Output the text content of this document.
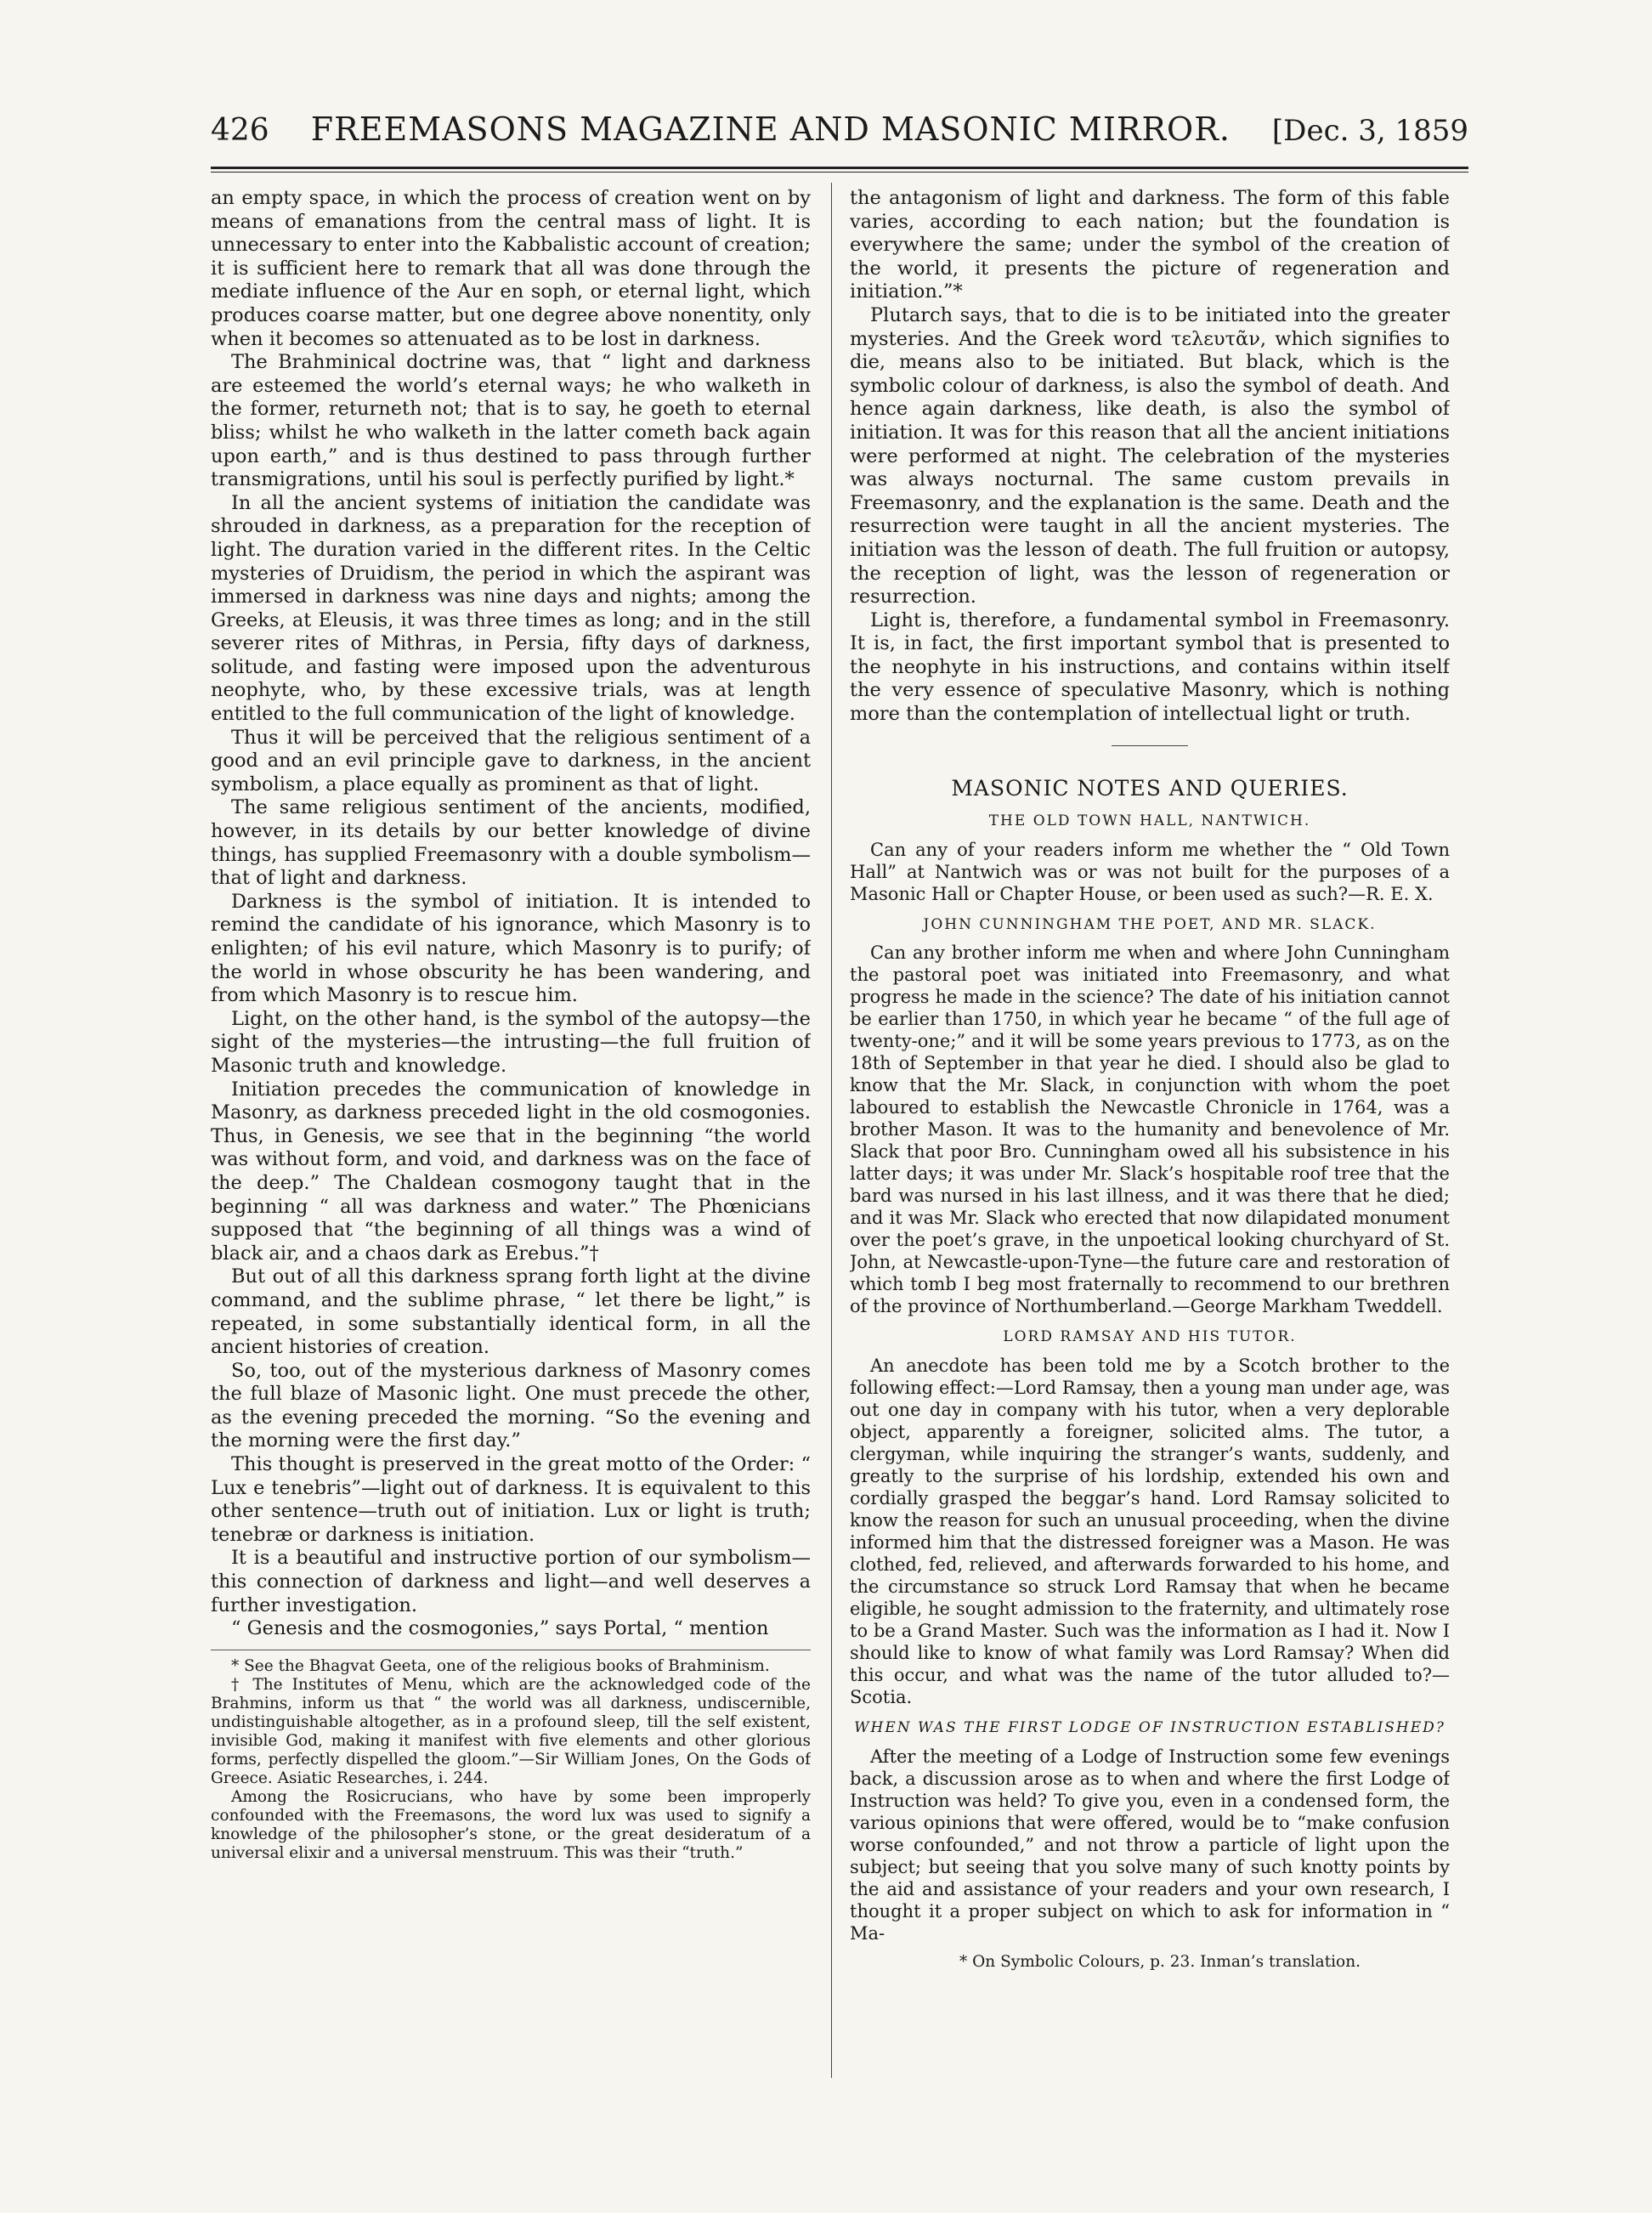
426 FREEMASONS MAGAZINE AND MASONIC MIRROR. [Dec. 3, 1859

an empty space, in which the process of creation went on by means of emanations from the central mass of light. It is unnecessary to enter into the Kabbalistic account of creation; it is sufficient here to remark that all was done through the mediate influence of the Aur en soph, or eternal light, which produces coarse matter, but one degree above nonentity, only when it becomes so attenuated as to be lost in darkness.

The Brahminical doctrine was, that “ light and darkness are esteemed the world’s eternal ways; he who walketh in the former, returneth not; that is to say, he goeth to eternal bliss; whilst he who walketh in the latter cometh back again upon earth,” and is thus destined to pass through further transmigrations, until his soul is perfectly purified by light.*

In all the ancient systems of initiation the candidate was shrouded in darkness, as a preparation for the reception of light. The duration varied in the different rites. In the Celtic mysteries of Druidism, the period in which the aspirant was immersed in darkness was nine days and nights; among the Greeks, at Eleusis, it was three times as long; and in the still severer rites of Mithras, in Persia, fifty days of darkness, solitude, and fasting were imposed upon the adventurous neophyte, who, by these excessive trials, was at length entitled to the full communication of the light of knowledge.

Thus it will be perceived that the religious sentiment of a good and an evil principle gave to darkness, in the ancient symbolism, a place equally as prominent as that of light.

The same religious sentiment of the ancients, modified, however, in its details by our better knowledge of divine things, has supplied Freemasonry with a double symbolism—that of light and darkness.

Darkness is the symbol of initiation. It is intended to remind the candidate of his ignorance, which Masonry is to enlighten; of his evil nature, which Masonry is to purify; of the world in whose obscurity he has been wandering, and from which Masonry is to rescue him.

Light, on the other hand, is the symbol of the autopsy—the sight of the mysteries—the intrusting—the full fruition of Masonic truth and knowledge.

Initiation precedes the communication of knowledge in Masonry, as darkness preceded light in the old cosmogonies. Thus, in Genesis, we see that in the beginning “the world was without form, and void, and darkness was on the face of the deep.” The Chaldean cosmogony taught that in the beginning “ all was darkness and water.” The Phœnicians supposed that “the beginning of all things was a wind of black air, and a chaos dark as Erebus.”†

But out of all this darkness sprang forth light at the divine command, and the sublime phrase, “ let there be light,” is repeated, in some substantially identical form, in all the ancient histories of creation.

So, too, out of the mysterious darkness of Masonry comes the full blaze of Masonic light. One must precede the other, as the evening preceded the morning. “So the evening and the morning were the first day.”

This thought is preserved in the great motto of the Order: “ Lux e tenebris”—light out of darkness. It is equivalent to this other sentence—truth out of initiation. Lux or light is truth; tenebræ or darkness is initiation.

It is a beautiful and instructive portion of our symbolism—this connection of darkness and light—and well deserves a further investigation.

“ Genesis and the cosmogonies,” says Portal, “ mention

* See the Bhagvat Geeta, one of the religious books of Brahminism.

† The Institutes of Menu, which are the acknowledged code of the Brahmins, inform us that “ the world was all darkness, undiscernible, undistinguishable altogether, as in a profound sleep, till the self existent, invisible God, making it manifest with five elements and other glorious forms, perfectly dispelled the gloom.”—Sir William Jones, On the Gods of Greece. Asiatic Researches, i. 244.

Among the Rosicrucians, who have by some been improperly confounded with the Freemasons, the word lux was used to signify a knowledge of the philosopher’s stone, or the great desideratum of a universal elixir and a universal menstruum. This was their “truth.”

the antagonism of light and darkness. The form of this fable varies, according to each nation; but the foundation is everywhere the same; under the symbol of the creation of the world, it presents the picture of regeneration and initiation.”*

Plutarch says, that to die is to be initiated into the greater mysteries. And the Greek word τελευτᾶν, which signifies to die, means also to be initiated. But black, which is the symbolic colour of darkness, is also the symbol of death. And hence again darkness, like death, is also the symbol of initiation. It was for this reason that all the ancient initiations were performed at night. The celebration of the mysteries was always nocturnal. The same custom prevails in Freemasonry, and the explanation is the same. Death and the resurrection were taught in all the ancient mysteries. The initiation was the lesson of death. The full fruition or autopsy, the reception of light, was the lesson of regeneration or resurrection.

Light is, therefore, a fundamental symbol in Freemasonry. It is, in fact, the first important symbol that is presented to the neophyte in his instructions, and contains within itself the very essence of speculative Masonry, which is nothing more than the contemplation of intellectual light or truth.

MASONIC NOTES AND QUERIES.
THE OLD TOWN HALL, NANTWICH.

Can any of your readers inform me whether the “ Old Town Hall” at Nantwich was or was not built for the purposes of a Masonic Hall or Chapter House, or been used as such?—R. E. X.

JOHN CUNNINGHAM THE POET, AND MR. SLACK.

Can any brother inform me when and where John Cunningham the pastoral poet was initiated into Freemasonry, and what progress he made in the science? The date of his initiation cannot be earlier than 1750, in which year he became “ of the full age of twenty-one;” and it will be some years previous to 1773, as on the 18th of September in that year he died. I should also be glad to know that the Mr. Slack, in conjunction with whom the poet laboured to establish the Newcastle Chronicle in 1764, was a brother Mason. It was to the humanity and benevolence of Mr. Slack that poor Bro. Cunningham owed all his subsistence in his latter days; it was under Mr. Slack’s hospitable roof tree that the bard was nursed in his last illness, and it was there that he died; and it was Mr. Slack who erected that now dilapidated monument over the poet’s grave, in the unpoetical looking churchyard of St. John, at Newcastle-upon-Tyne—the future care and restoration of which tomb I beg most fraternally to recommend to our brethren of the province of Northumberland.—George Markham Tweddell.

LORD RAMSAY AND HIS TUTOR.

An anecdote has been told me by a Scotch brother to the following effect:—Lord Ramsay, then a young man under age, was out one day in company with his tutor, when a very deplorable object, apparently a foreigner, solicited alms. The tutor, a clergyman, while inquiring the stranger’s wants, suddenly, and greatly to the surprise of his lordship, extended his own and cordially grasped the beggar’s hand. Lord Ramsay solicited to know the reason for such an unusual proceeding, when the divine informed him that the distressed foreigner was a Mason. He was clothed, fed, relieved, and afterwards forwarded to his home, and the circumstance so struck Lord Ramsay that when he became eligible, he sought admission to the fraternity, and ultimately rose to be a Grand Master. Such was the information as I had it. Now I should like to know of what family was Lord Ramsay? When did this occur, and what was the name of the tutor alluded to?—Scotia.

WHEN WAS THE FIRST LODGE OF INSTRUCTION ESTABLISHED?

After the meeting of a Lodge of Instruction some few evenings back, a discussion arose as to when and where the first Lodge of Instruction was held? To give you, even in a condensed form, the various opinions that were offered, would be to “make confusion worse confounded,” and not throw a particle of light upon the subject; but seeing that you solve many of such knotty points by the aid and assistance of your readers and your own research, I thought it a proper subject on which to ask for information in “ Ma-

* On Symbolic Colours, p. 23. Inman’s translation.
